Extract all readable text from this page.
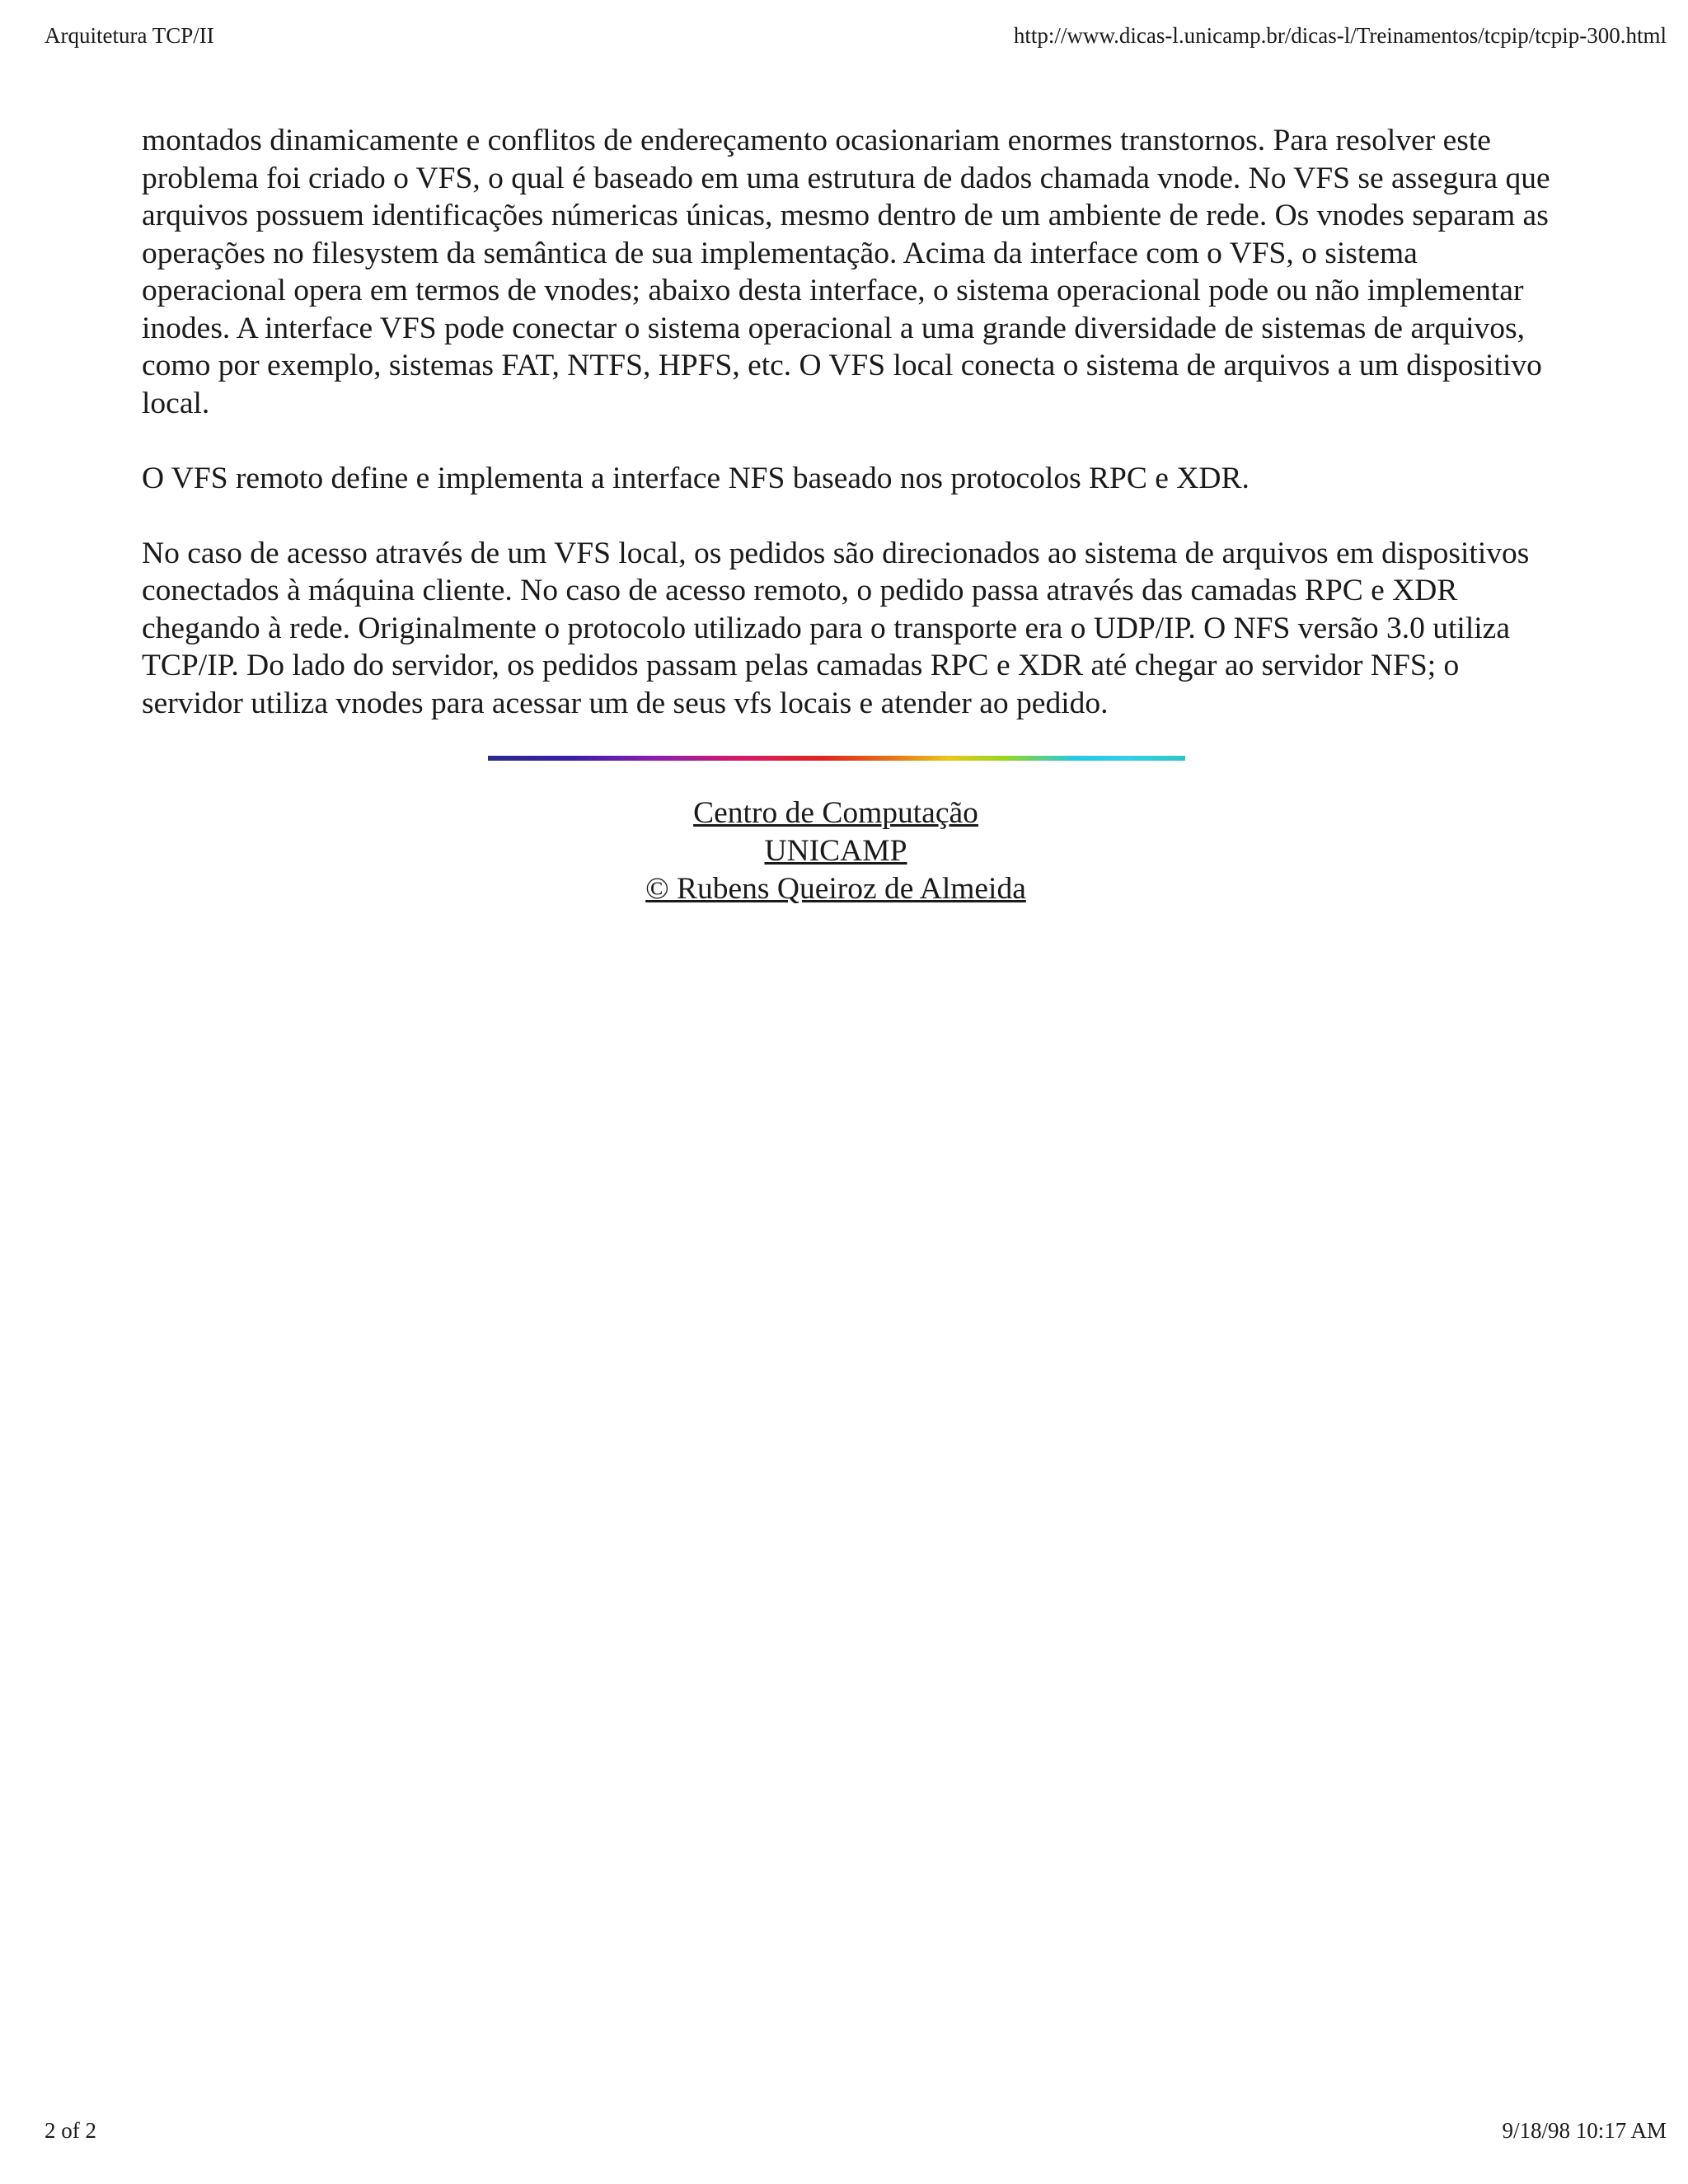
Arquitetura TCP/II	http://www.dicas-l.unicamp.br/dicas-l/Treinamentos/tcpip/tcpip-300.html

montados dinamicamente e conflitos de endereçamento ocasionariam enormes transtornos. Para resolver este problema foi criado o VFS, o qual é baseado em uma estrutura de dados chamada vnode. No VFS se assegura que arquivos possuem identificações númericas únicas, mesmo dentro de um ambiente de rede. Os vnodes separam as operações no filesystem da semântica de sua implementação. Acima da interface com o VFS, o sistema operacional opera em termos de vnodes; abaixo desta interface, o sistema operacional pode ou não implementar inodes. A interface VFS pode conectar o sistema operacional a uma grande diversidade de sistemas de arquivos, como por exemplo, sistemas FAT, NTFS, HPFS, etc. O VFS local conecta o sistema de arquivos a um dispositivo local.

O VFS remoto define e implementa a interface NFS baseado nos protocolos RPC e XDR.

No caso de acesso através de um VFS local, os pedidos são direcionados ao sistema de arquivos em dispositivos conectados à máquina cliente. No caso de acesso remoto, o pedido passa através das camadas RPC e XDR chegando à rede. Originalmente o protocolo utilizado para o transporte era o UDP/IP. O NFS versão 3.0 utiliza TCP/IP. Do lado do servidor, os pedidos passam pelas camadas RPC e XDR até chegar ao servidor NFS; o servidor utiliza vnodes para acessar um de seus vfs locais e atender ao pedido.

Centro de Computação
UNICAMP
© Rubens Queiroz de Almeida
2 of 2	9/18/98 10:17 AM
